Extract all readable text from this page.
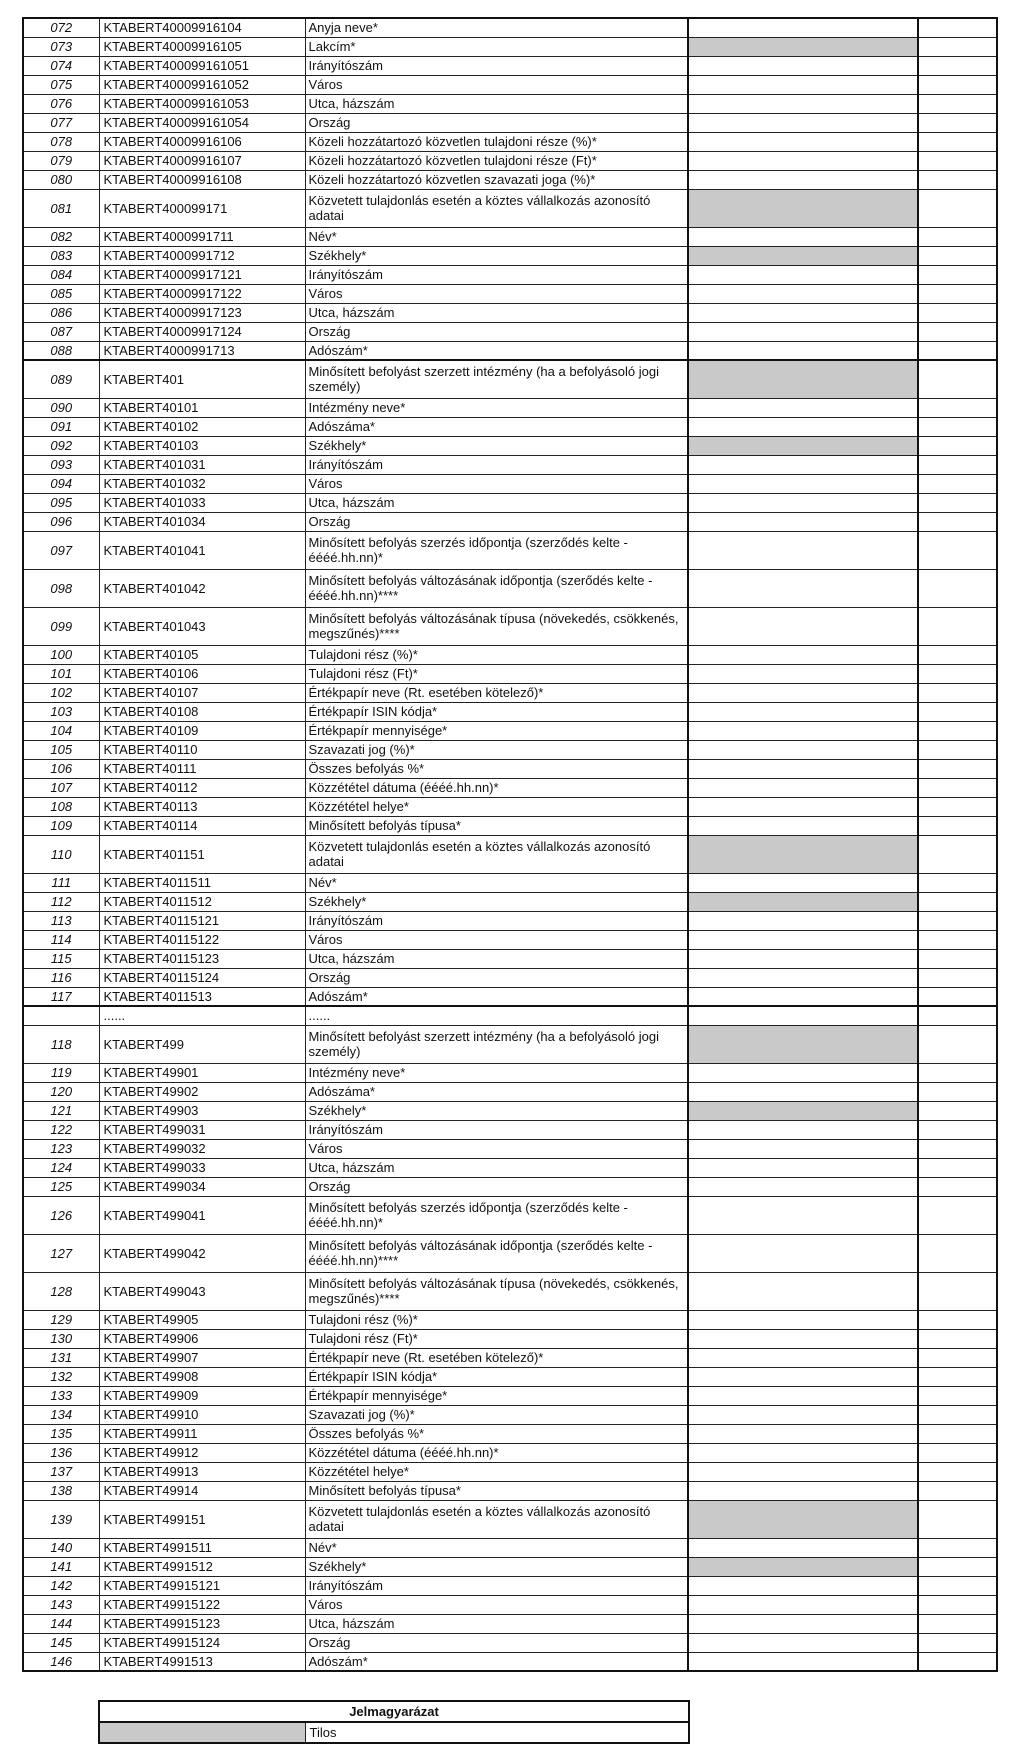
072	KTABERT40009916104	Anyja neve*		
073	KTABERT40009916105	Lakcím*		
074	KTABERT400099161051	Irányítószám		
075	KTABERT400099161052	Város		
076	KTABERT400099161053	Utca, házszám		
077	KTABERT400099161054	Ország		
078	KTABERT40009916106	Közeli hozzátartozó közvetlen tulajdoni része (%)*		
079	KTABERT40009916107	Közeli hozzátartozó közvetlen tulajdoni része (Ft)*		
080	KTABERT40009916108	Közeli hozzátartozó közvetlen szavazati joga (%)*		
081	KTABERT400099171	Közvetett tulajdonlás esetén a köztes vállalkozás azonosító adatai		
082	KTABERT4000991711	Név*		
083	KTABERT4000991712	Székhely*		
084	KTABERT40009917121	Irányítószám		
085	KTABERT40009917122	Város		
086	KTABERT40009917123	Utca, házszám		
087	KTABERT40009917124	Ország		
088	KTABERT4000991713	Adószám*		
089	KTABERT401	Minősített befolyást szerzett intézmény (ha a befolyásoló jogi személy)		
090	KTABERT40101	Intézmény neve*		
091	KTABERT40102	Adószáma*		
092	KTABERT40103	Székhely*		
093	KTABERT401031	Irányítószám		
094	KTABERT401032	Város		
095	KTABERT401033	Utca, házszám		
096	KTABERT401034	Ország		
097	KTABERT401041	Minősített befolyás szerzés időpontja (szerződés kelte - éééé.hh.nn)*		
098	KTABERT401042	Minősített befolyás változásának időpontja (szerődés kelte - éééé.hh.nn)****		
099	KTABERT401043	Minősített befolyás változásának típusa (növekedés, csökkenés, megszűnés)****		
100	KTABERT40105	Tulajdoni rész (%)*		
101	KTABERT40106	Tulajdoni rész (Ft)*		
102	KTABERT40107	Értékpapír neve (Rt. esetében kötelező)*		
103	KTABERT40108	Értékpapír ISIN kódja*		
104	KTABERT40109	Értékpapír mennyisége*		
105	KTABERT40110	Szavazati jog (%)*		
106	KTABERT40111	Összes befolyás %*		
107	KTABERT40112	Közzététel dátuma (éééé.hh.nn)*		
108	KTABERT40113	Közzététel helye*		
109	KTABERT40114	Minősített befolyás típusa*		
110	KTABERT401151	Közvetett tulajdonlás esetén a köztes vállalkozás azonosító adatai		
111	KTABERT4011511	Név*		
112	KTABERT4011512	Székhely*		
113	KTABERT40115121	Irányítószám		
114	KTABERT40115122	Város		
115	KTABERT40115123	Utca, házszám		
116	KTABERT40115124	Ország		
117	KTABERT4011513	Adószám*		
	......	......		
118	KTABERT499	Minősített befolyást szerzett intézmény (ha a befolyásoló jogi személy)		
119	KTABERT49901	Intézmény neve*		
120	KTABERT49902	Adószáma*		
121	KTABERT49903	Székhely*		
122	KTABERT499031	Irányítószám		
123	KTABERT499032	Város		
124	KTABERT499033	Utca, házszám		
125	KTABERT499034	Ország		
126	KTABERT499041	Minősített befolyás szerzés időpontja (szerződés kelte - éééé.hh.nn)*		
127	KTABERT499042	Minősített befolyás változásának időpontja (szerődés kelte - éééé.hh.nn)****		
128	KTABERT499043	Minősített befolyás változásának típusa (növekedés, csökkenés, megszűnés)****		
129	KTABERT49905	Tulajdoni rész (%)*		
130	KTABERT49906	Tulajdoni rész (Ft)*		
131	KTABERT49907	Értékpapír neve (Rt. esetében kötelező)*		
132	KTABERT49908	Értékpapír ISIN kódja*		
133	KTABERT49909	Értékpapír mennyisége*		
134	KTABERT49910	Szavazati jog (%)*		
135	KTABERT49911	Összes befolyás %*		
136	KTABERT49912	Közzététel dátuma (éééé.hh.nn)*		
137	KTABERT49913	Közzététel helye*		
138	KTABERT49914	Minősített befolyás típusa*		
139	KTABERT499151	Közvetett tulajdonlás esetén a köztes vállalkozás azonosító adatai		
140	KTABERT4991511	Név*		
141	KTABERT4991512	Székhely*		
142	KTABERT49915121	Irányítószám		
143	KTABERT49915122	Város		
144	KTABERT49915123	Utca, házszám		
145	KTABERT49915124	Ország		
146	KTABERT4991513	Adószám*		
Jelmagyarázat
	Tilos
